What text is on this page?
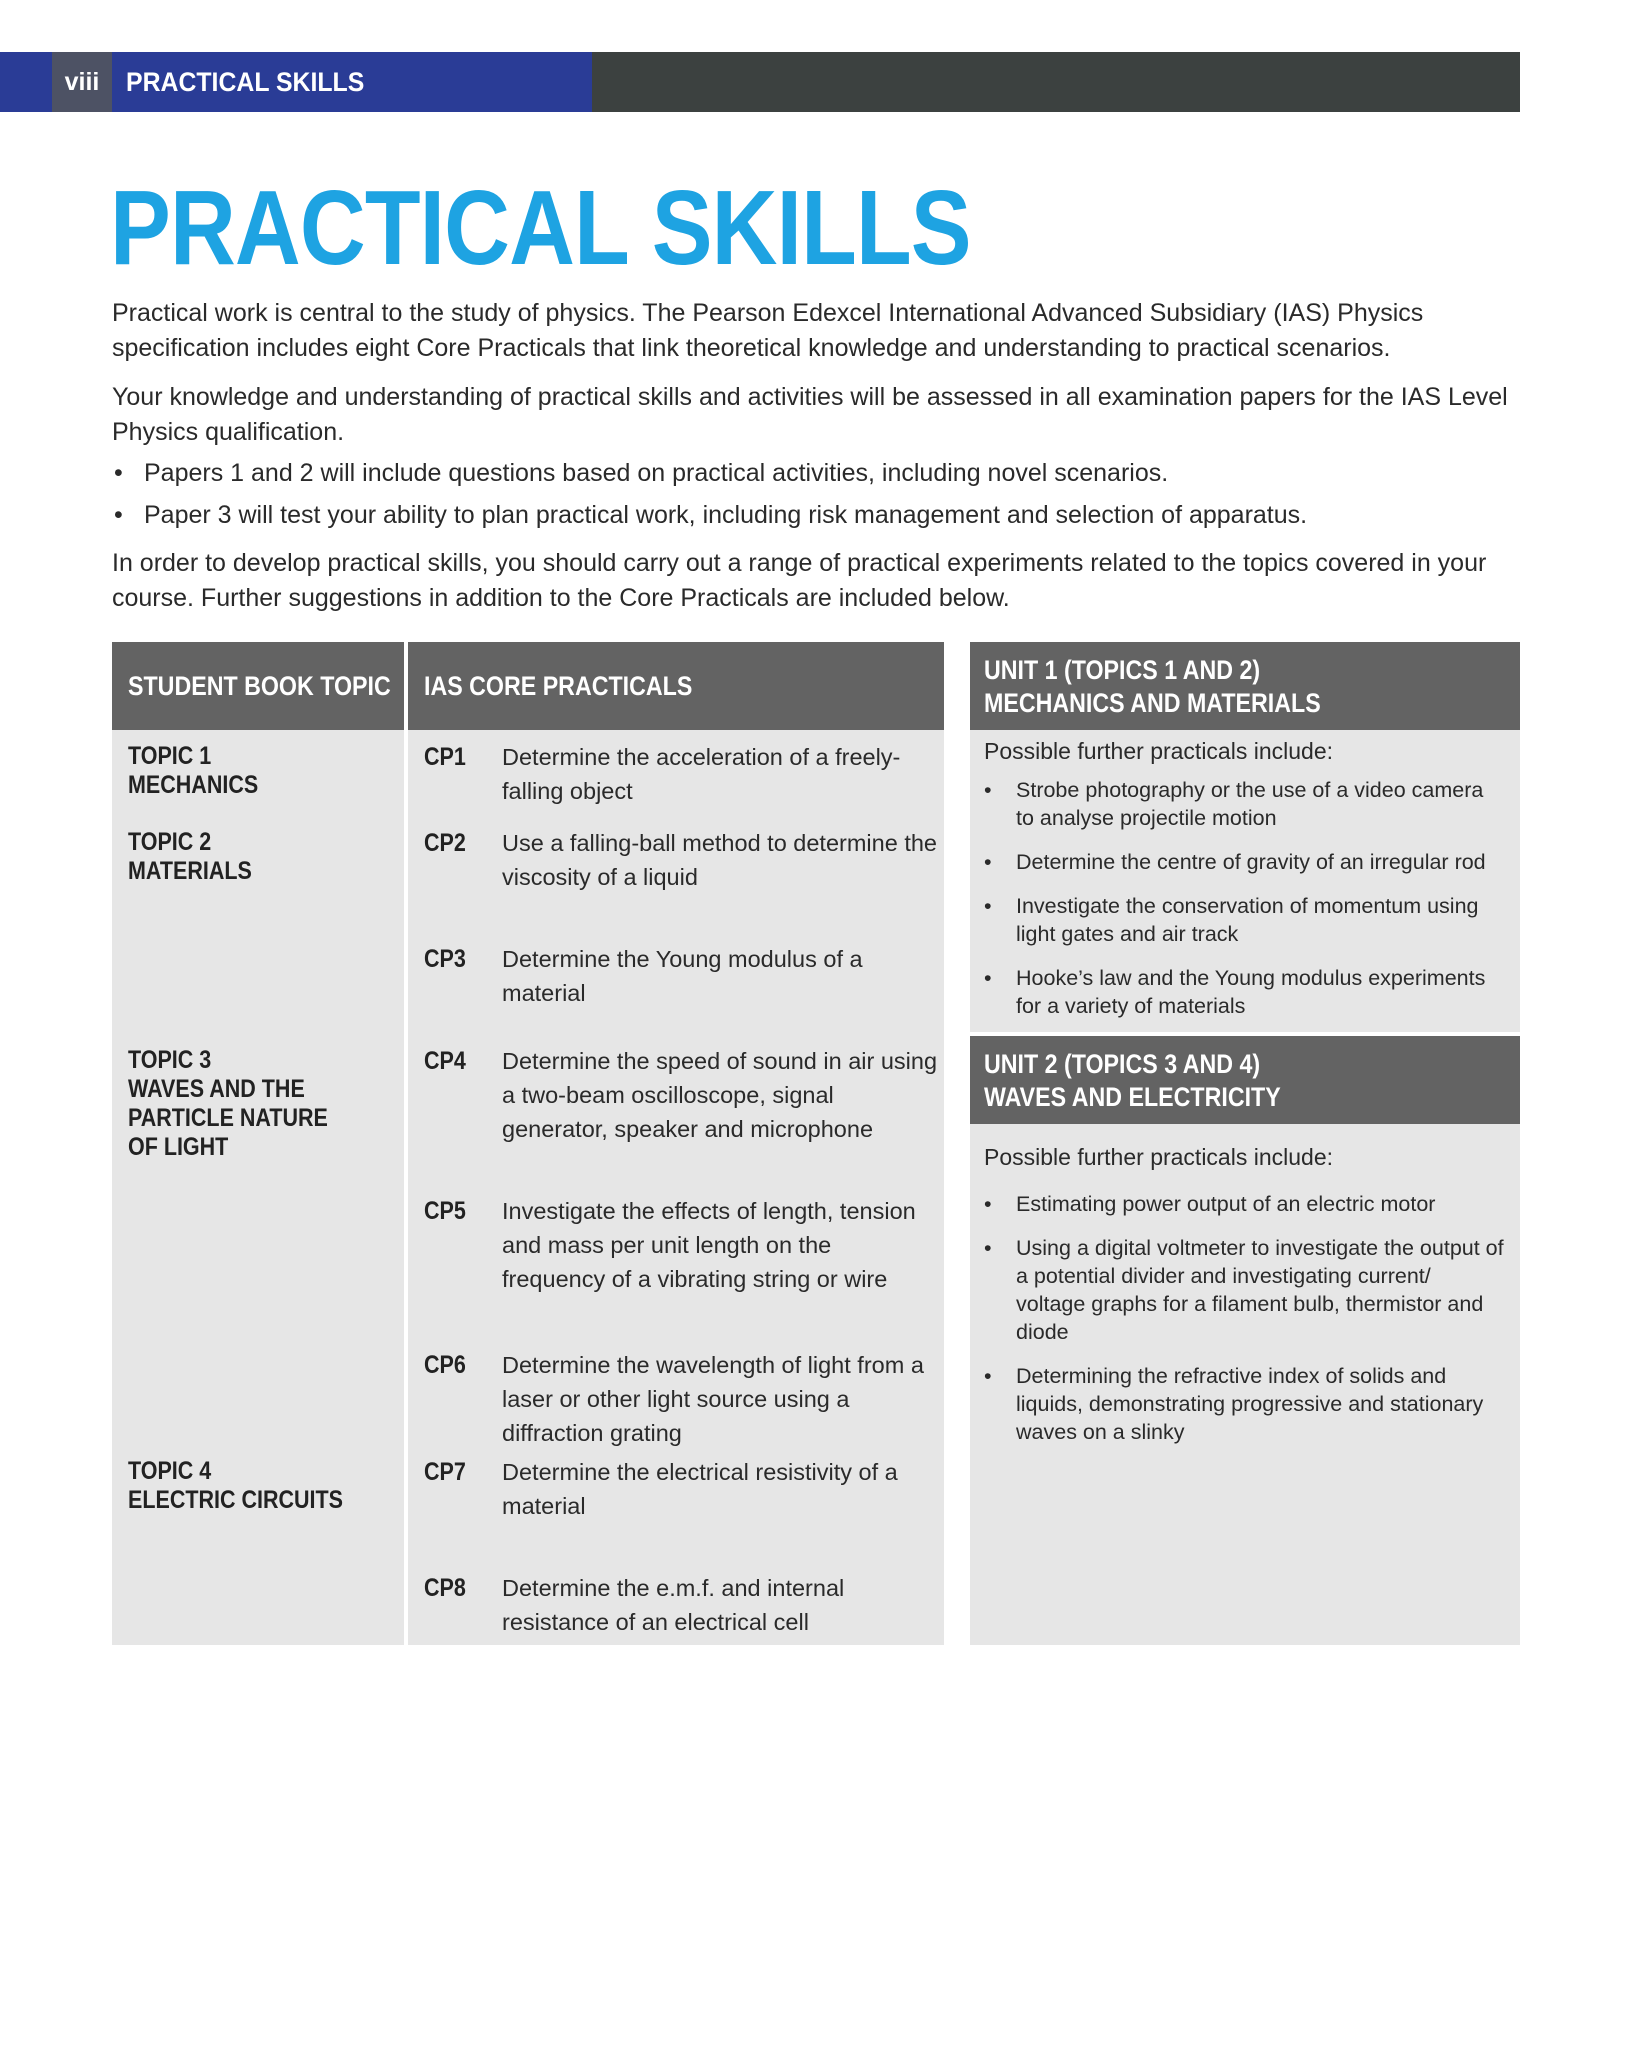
viii PRACTICAL SKILLS
PRACTICAL SKILLS

Practical work is central to the study of physics. The Pearson Edexcel International Advanced Subsidiary (IAS) Physics specification includes eight Core Practicals that link theoretical knowledge and understanding to practical scenarios.

Your knowledge and understanding of practical skills and activities will be assessed in all examination papers for the IAS Level Physics qualification.

• Papers 1 and 2 will include questions based on practical activities, including novel scenarios.
• Paper 3 will test your ability to plan practical work, including risk management and selection of apparatus.

In order to develop practical skills, you should carry out a range of practical experiments related to the topics covered in your course. Further suggestions in addition to the Core Practicals are included below.

STUDENT BOOK TOPIC	IAS CORE PRACTICALS
TOPIC 1
MECHANICS
TOPIC 2
MATERIALS
TOPIC 3
WAVES AND THE
PARTICLE NATURE
OF LIGHT
TOPIC 4
ELECTRIC CIRCUITS
CP1 Determine the acceleration of a freely-falling object
CP2 Use a falling-ball method to determine the viscosity of a liquid
CP3 Determine the Young modulus of a material
CP4 Determine the speed of sound in air using a two-beam oscilloscope, signal generator, speaker and microphone
CP5 Investigate the effects of length, tension and mass per unit length on the frequency of a vibrating string or wire
CP6 Determine the wavelength of light from a laser or other light source using a diffraction grating
CP7 Determine the electrical resistivity of a material
CP8 Determine the e.m.f. and internal resistance of an electrical cell
UNIT 1 (TOPICS 1 AND 2)
MECHANICS AND MATERIALS
Possible further practicals include:
• Strobe photography or the use of a video camera to analyse projectile motion
• Determine the centre of gravity of an irregular rod
• Investigate the conservation of momentum using light gates and air track
• Hooke’s law and the Young modulus experiments for a variety of materials
UNIT 2 (TOPICS 3 AND 4)
WAVES AND ELECTRICITY
Possible further practicals include:
• Estimating power output of an electric motor
• Using a digital voltmeter to investigate the output of a potential divider and investigating current/ voltage graphs for a filament bulb, thermistor and diode
• Determining the refractive index of solids and liquids, demonstrating progressive and stationary waves on a slinky
